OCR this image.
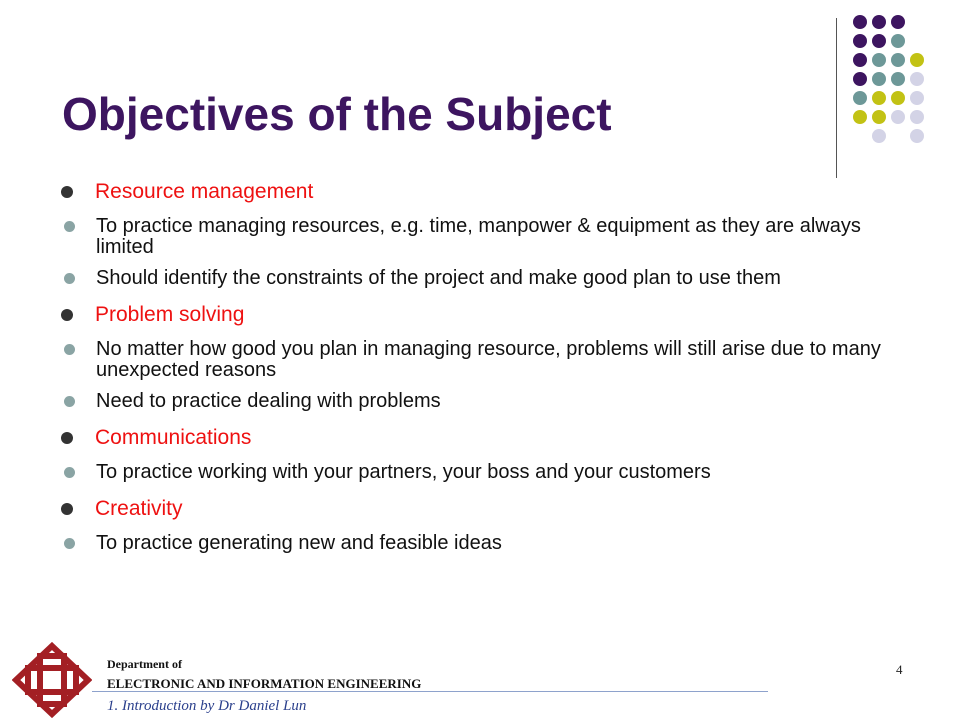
Objectives of the Subject
Resource management
To practice managing resources, e.g. time, manpower & equipment as they are always limited
Should identify the constraints of the project and make good plan to use them
Problem solving
No matter how good you plan in managing resource, problems will still arise due to many unexpected reasons
Need to practice dealing with problems
Communications
To practice working with your partners, your boss and your customers
Creativity
To practice generating new and feasible ideas
Department of
ELECTRONIC AND INFORMATION ENGINEERING
1. Introduction by Dr Daniel Lun
4
